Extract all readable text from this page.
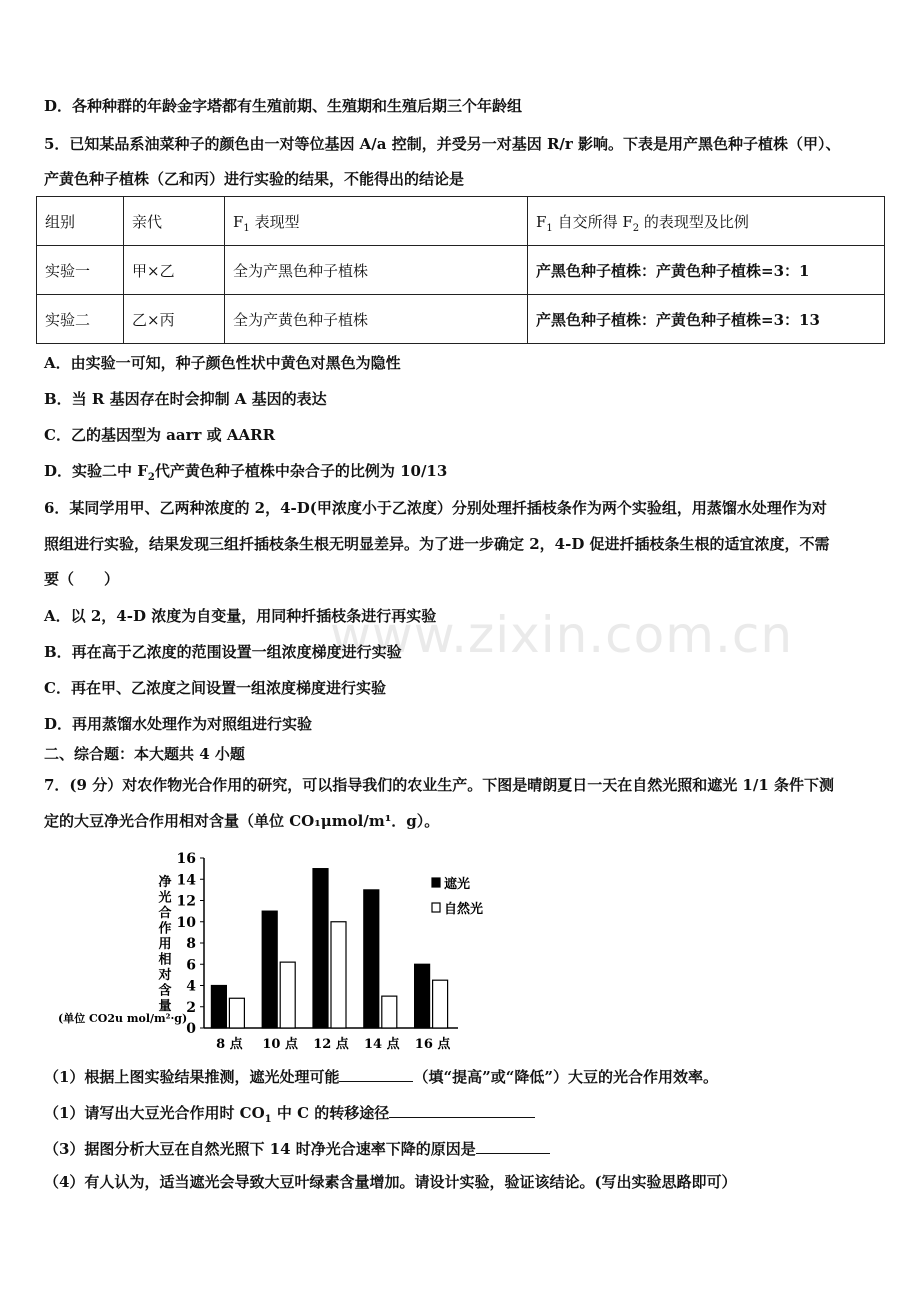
www.zixin.com.cn
D．各种种群的年龄金字塔都有生殖前期、生殖期和生殖后期三个年龄组
5．已知某品系油菜种子的颜色由一对等位基因 A/a 控制，并受另一对基因 R/r 影响。下表是用产黑色种子植株（甲）、
产黄色种子植株（乙和丙）进行实验的结果，不能得出的结论是
组别	亲代	$F_1$ 表现型	$F_1$ 自交所得 $F_2$ 的表现型及比例
实验一	甲×乙	全为产黑色种子植株	产黑色种子植株：产黄色种子植株=3：1
实验二	乙×丙	全为产黄色种子植株	产黑色种子植株：产黄色种子植株=3：13
A．由实验一可知，种子颜色性状中黄色对黑色为隐性
B．当 R 基因存在时会抑制 A 基因的表达
C．乙的基因型为 aarr 或 AARR
D．实验二中 $F_2$代产黄色种子植株中杂合子的比例为 10/13
6．某同学用甲、乙两种浓度的 2，4-D(甲浓度小于乙浓度）分别处理扦插枝条作为两个实验组，用蒸馏水处理作为对
照组进行实验，结果发现三组扦插枝条生根无明显差异。为了进一步确定 2，4-D 促进扦插枝条生根的适宜浓度，不需
要（　　）
A．以 2，4-D 浓度为自变量，用同种扦插枝条进行再实验
B．再在高于乙浓度的范围设置一组浓度梯度进行实验
C．再在甲、乙浓度之间设置一组浓度梯度进行实验
D．再用蒸馏水处理作为对照组进行实验
二、综合题：本大题共 4 小题
7．(9 分）对农作物光合作用的研究，可以指导我们的农业生产。下图是晴朗夏日一天在自然光照和遮光 1/1 条件下测
定的大豆净光合作用相对含量（单位 CO₁μmol/m¹．g）。
0
2
4
6
8
10
12
14
16
净
光
合
作
用
相
对
含
量
(单位 CO2u mol/m²·g)
8 点 10 点 12 点 14 点 16 点
遮光
自然光
（1）根据上图实验结果推测，遮光处理可能	（填“提高”或“降低”）大豆的光合作用效率。
（1）请写出大豆光合作用时 $CO_1$ 中 C 的转移途径
（3）据图分析大豆在自然光照下 14 时净光合速率下降的原因是
（4）有人认为，适当遮光会导致大豆叶绿素含量增加。请设计实验，验证该结论。(写出实验思路即可）
